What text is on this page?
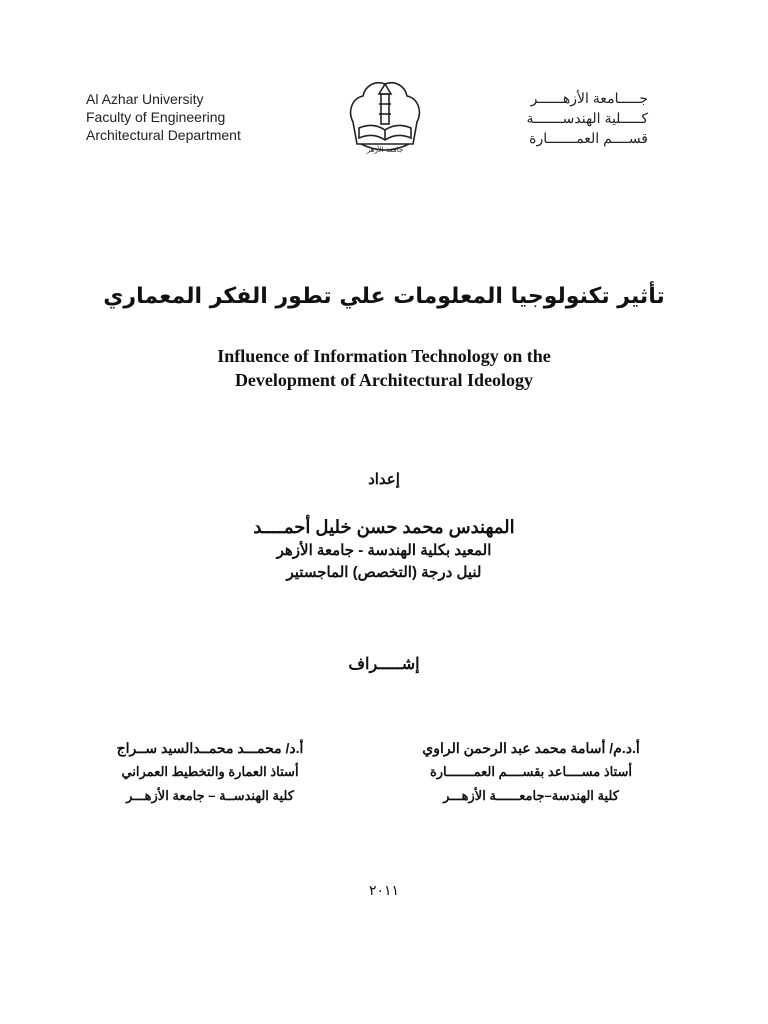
Al Azhar University
Faculty of Engineering
Architectural Department
جامعة الأزهر
جـــــامعة الأزهــــــر
كـــــلية الهندســـــــة
قســــم العمـــــــارة
تأثير تكنولوجيا المعلومات علي تطور الفكر المعماري
Influence of Information Technology on the
Development of Architectural Ideology
إعداد
المهندس محمد حسن خليل أحمــــد
المعيد بكلية الهندسة - جامعة الأزهر
لنيل درجة (التخصص) الماجستير
إشـــــراف
أ.د.م/ أسامة محمد عبد الرحمن الراوي
أستاذ مســــاعد بقســــم العمـــــــارة
كلية الهندسة–جامعــــــة الأزهـــر
أ.د/ محمـــد محمــدالسيد ســراج
أستاذ العمارة والتخطيط العمراني
كلية الهندســة – جامعة الأزهـــر
٢٠١١
